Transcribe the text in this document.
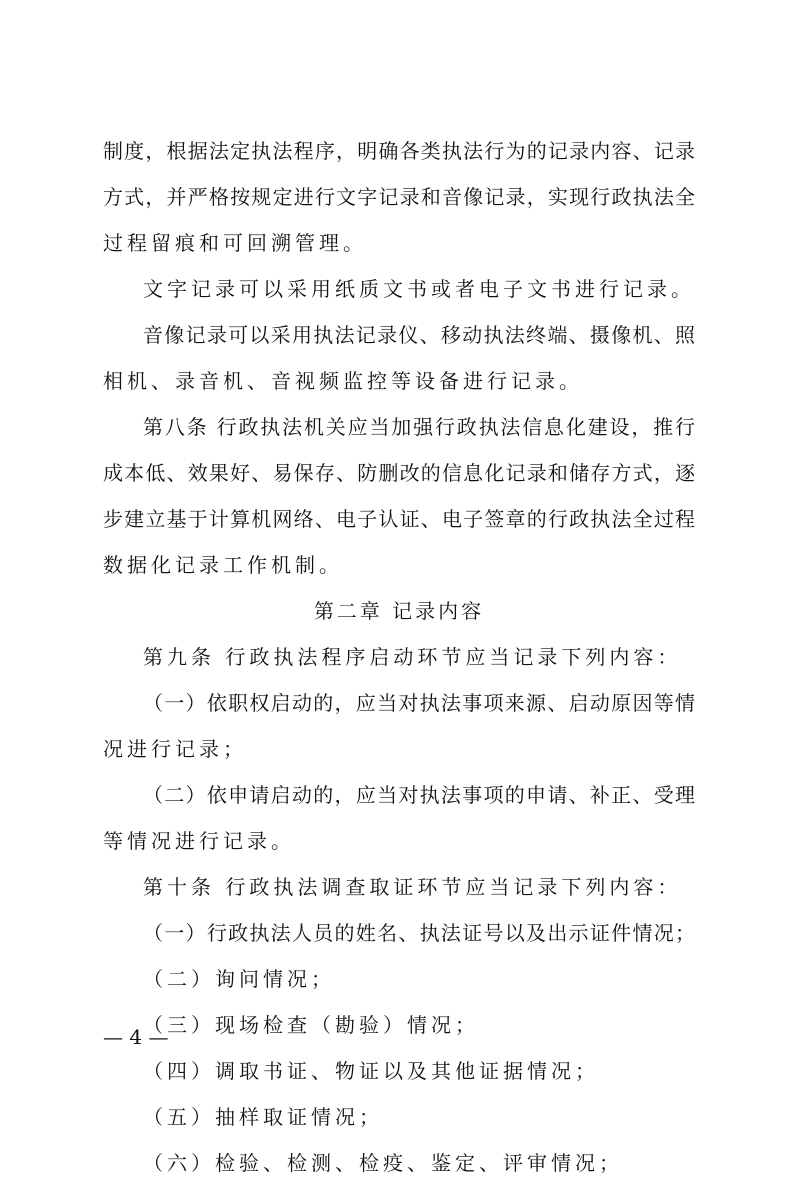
制度，根据法定执法程序，明确各类执法行为的记录内容、记录
方式，并严格按规定进行文字记录和音像记录，实现行政执法全
过程留痕和可回溯管理。
文字记录可以采用纸质文书或者电子文书进行记录。
音像记录可以采用执法记录仪、移动执法终端、摄像机、照
相机、录音机、音视频监控等设备进行记录。
第八条 行政执法机关应当加强行政执法信息化建设，推行
成本低、效果好、易保存、防删改的信息化记录和储存方式，逐
步建立基于计算机网络、电子认证、电子签章的行政执法全过程
数据化记录工作机制。
第二章 记录内容
第九条 行政执法程序启动环节应当记录下列内容：
（一）依职权启动的，应当对执法事项来源、启动原因等情
况进行记录；
（二）依申请启动的，应当对执法事项的申请、补正、受理
等情况进行记录。
第十条 行政执法调查取证环节应当记录下列内容：
（一）行政执法人员的姓名、执法证号以及出示证件情况；
（二）询问情况；
（三）现场检查（勘验）情况；
（四）调取书证、物证以及其他证据情况；
（五）抽样取证情况；
（六）检验、检测、检疫、鉴定、评审情况；
— 4 —
